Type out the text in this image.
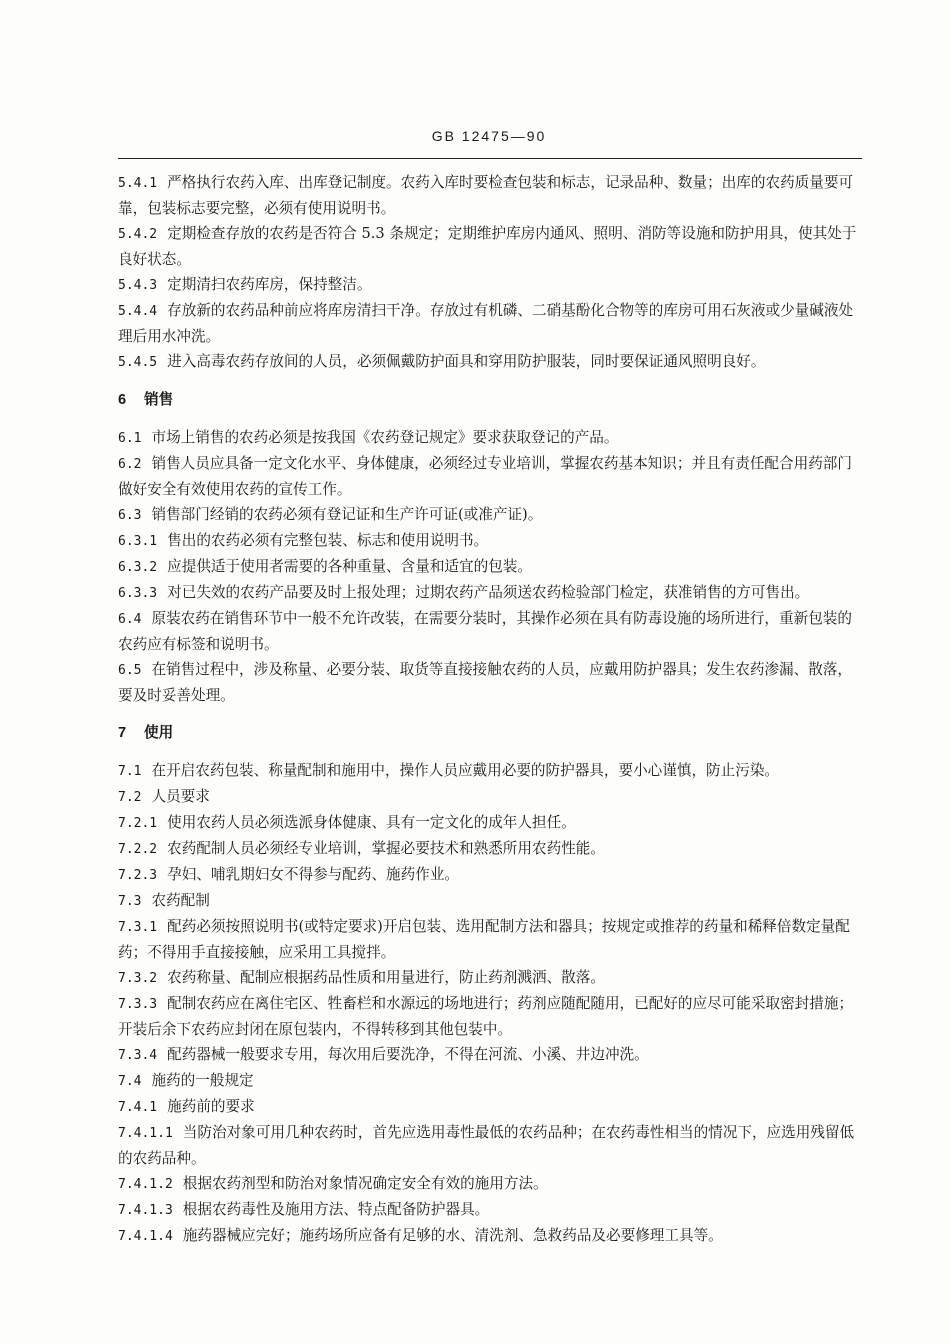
GB 12475—90

5.4.1 严格执行农药入库、出库登记制度。农药入库时要检查包装和标志，记录品种、数量；出库的农药质量要可靠，包装标志要完整，必须有使用说明书。

5.4.2 定期检查存放的农药是否符合 5.3 条规定；定期维护库房内通风、照明、消防等设施和防护用具，使其处于良好状态。

5.4.3 定期清扫农药库房，保持整洁。

5.4.4 存放新的农药品种前应将库房清扫干净。存放过有机磷、二硝基酚化合物等的库房可用石灰液或少量碱液处理后用水冲洗。

5.4.5 进入高毒农药存放间的人员，必须佩戴防护面具和穿用防护服装，同时要保证通风照明良好。

6 销售

6.1 市场上销售的农药必须是按我国《农药登记规定》要求获取登记的产品。

6.2 销售人员应具备一定文化水平、身体健康，必须经过专业培训，掌握农药基本知识；并且有责任配合用药部门做好安全有效使用农药的宣传工作。

6.3 销售部门经销的农药必须有登记证和生产许可证(或准产证)。

6.3.1 售出的农药必须有完整包装、标志和使用说明书。

6.3.2 应提供适于使用者需要的各种重量、含量和适宜的包装。

6.3.3 对已失效的农药产品要及时上报处理；过期农药产品须送农药检验部门检定，获准销售的方可售出。

6.4 原装农药在销售环节中一般不允许改装，在需要分装时，其操作必须在具有防毒设施的场所进行，重新包装的农药应有标签和说明书。

6.5 在销售过程中，涉及称量、必要分装、取货等直接接触农药的人员，应戴用防护器具；发生农药渗漏、散落，要及时妥善处理。

7 使用

7.1 在开启农药包装、称量配制和施用中，操作人员应戴用必要的防护器具，要小心谨慎，防止污染。

7.2 人员要求

7.2.1 使用农药人员必须选派身体健康、具有一定文化的成年人担任。

7.2.2 农药配制人员必须经专业培训，掌握必要技术和熟悉所用农药性能。

7.2.3 孕妇、哺乳期妇女不得参与配药、施药作业。

7.3 农药配制

7.3.1 配药必须按照说明书(或特定要求)开启包装、选用配制方法和器具；按规定或推荐的药量和稀释倍数定量配药；不得用手直接接触，应采用工具搅拌。

7.3.2 农药称量、配制应根据药品性质和用量进行，防止药剂溅洒、散落。

7.3.3 配制农药应在离住宅区、牲畜栏和水源远的场地进行；药剂应随配随用，已配好的应尽可能采取密封措施；开装后余下农药应封闭在原包装内，不得转移到其他包装中。

7.3.4 配药器械一般要求专用，每次用后要洗净，不得在河流、小溪、井边冲洗。

7.4 施药的一般规定

7.4.1 施药前的要求

7.4.1.1 当防治对象可用几种农药时，首先应选用毒性最低的农药品种；在农药毒性相当的情况下，应选用残留低的农药品种。

7.4.1.2 根据农药剂型和防治对象情况确定安全有效的施用方法。

7.4.1.3 根据农药毒性及施用方法、特点配备防护器具。

7.4.1.4 施药器械应完好；施药场所应备有足够的水、清洗剂、急救药品及必要修理工具等。
